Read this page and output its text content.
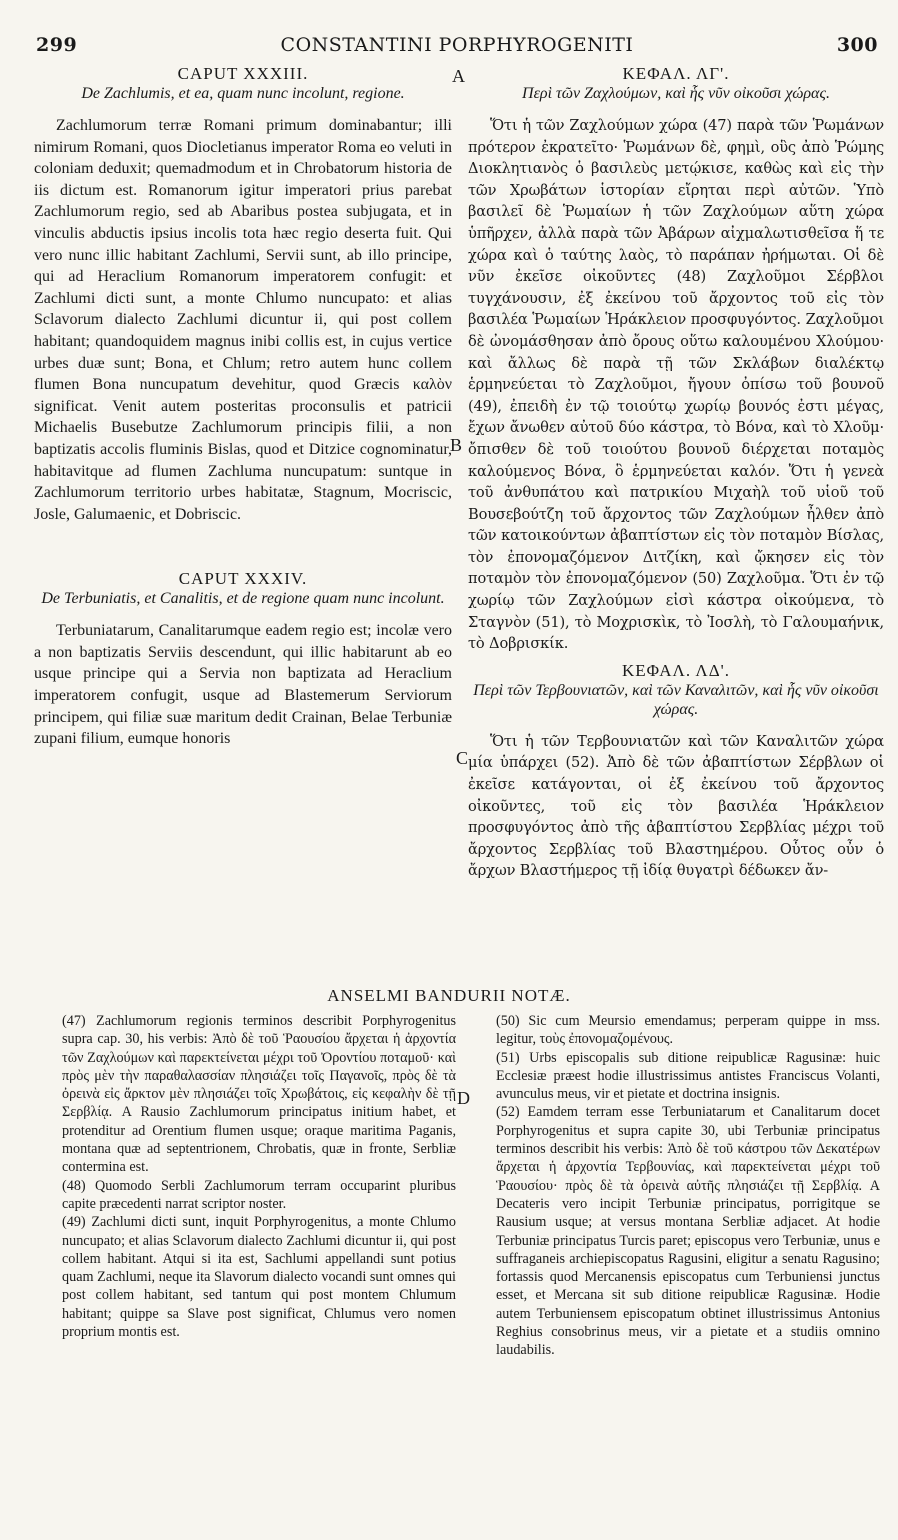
299	CONSTANTINI PORPHYROGENITI	300
A
B
C
D

CAPUT XXXIII.

De Zachlumis, et ea, quam nunc incolunt, regione.

Zachlumorum terræ Romani primum dominabantur; illi nimirum Romani, quos Diocletianus imperator Roma eo veluti in coloniam deduxit; quemadmodum et in Chrobatorum historia de iis dictum est. Romanorum igitur imperatori prius parebat Zachlumorum regio, sed ab Abaribus postea subjugata, et in vinculis abductis ipsius incolis tota hæc regio deserta fuit. Qui vero nunc illic habitant Zachlumi, Servii sunt, ab illo principe, qui ad Heraclium Romanorum imperatorem confugit: et Zachlumi dicti sunt, a monte Chlumo nuncupato: et alias Sclavorum dialecto Zachlumi dicuntur ii, qui post collem habitant; quandoquidem magnus inibi collis est, in cujus vertice urbes duæ sunt; Bona, et Chlum; retro autem hunc collem flumen Bona nuncupatum devehitur, quod Græcis καλὸν significat. Venit autem posteritas proconsulis et patricii Michaelis Busebutze Zachlumorum principis filii, a non baptizatis accolis fluminis Bislas, quod et Ditzice cognominatur, habitavitque ad flumen Zachluma nuncupatum: suntque in Zachlumorum territorio urbes habitatæ, Stagnum, Mocriscic, Josle, Galumaenic, et Dobriscic.

CAPUT XXXIV.

De Terbuniatis, et Canalitis, et de regione quam nunc incolunt.

Terbuniatarum, Canalitarumque eadem regio est; incolæ vero a non baptizatis Serviis descendunt, qui illic habitarunt ab eo usque principe qui a Servia non baptizata ad Heraclium imperatorem confugit, usque ad Blastemerum Serviorum principem, qui filiæ suæ maritum dedit Crainan, Belae Terbuniæ zupani filium, eumque honoris

ΚΕΦΑΛ. ΛΓ'.

Περὶ τῶν Ζαχλούμων, καὶ ἧς νῦν οἰκοῦσι χώρας.

Ὅτι ἡ τῶν Ζαχλούμων χώρα (47) παρὰ τῶν Ῥωμάνων πρότερον ἐκρατεῖτο· Ῥωμάνων δὲ, φημὶ, οὓς ἀπὸ Ῥώμης Διοκλητιανὸς ὁ βασιλεὺς μετῴκισε, καθὼς καὶ εἰς τὴν τῶν Χρωβάτων ἱστορίαν εἴρηται περὶ αὐτῶν. Ὑπὸ βασιλεῖ δὲ Ῥωμαίων ἡ τῶν Ζαχλούμων αὕτη χώρα ὑπῆρχεν, ἀλλὰ παρὰ τῶν Ἀβάρων αἰχμαλωτισθεῖσα ἥ τε χώρα καὶ ὁ ταύτης λαὸς, τὸ παράπαν ἠρήμωται. Οἱ δὲ νῦν ἐκεῖσε οἰκοῦντες (48) Ζαχλοῦμοι Σέρβλοι τυγχάνουσιν, ἐξ ἐκείνου τοῦ ἄρχοντος τοῦ εἰς τὸν βασιλέα Ῥωμαίων Ἡράκλειον προσφυγόντος. Ζαχλοῦμοι δὲ ὠνομάσθησαν ἀπὸ ὄρους οὕτω καλουμένου Χλούμου· καὶ ἄλλως δὲ παρὰ τῇ τῶν Σκλάβων διαλέκτῳ ἑρμηνεύεται τὸ Ζαχλοῦμοι, ἤγουν ὀπίσω τοῦ βουνοῦ (49), ἐπειδὴ ἐν τῷ τοιούτῳ χωρίῳ βουνός ἐστι μέγας, ἔχων ἄνωθεν αὐτοῦ δύο κάστρα, τὸ Βόνα, καὶ τὸ Χλοῦμ· ὄπισθεν δὲ τοῦ τοιούτου βουνοῦ διέρχεται ποταμὸς καλούμενος Βόνα, ὃ ἑρμηνεύεται καλόν. Ὅτι ἡ γενεὰ τοῦ ἀνθυπάτου καὶ πατρικίου Μιχαὴλ τοῦ υἱοῦ τοῦ Βουσεβούτζη τοῦ ἄρχοντος τῶν Ζαχλούμων ἦλθεν ἀπὸ τῶν κατοικούντων ἀβαπτίστων εἰς τὸν ποταμὸν Βίσλας, τὸν ἐπονομαζόμενον Διτζίκη, καὶ ᾤκησεν εἰς τὸν ποταμὸν τὸν ἐπονομαζόμενον (50) Ζαχλοῦμα. Ὅτι ἐν τῷ χωρίῳ τῶν Ζαχλούμων εἰσὶ κάστρα οἰκούμενα, τὸ Σταγνὸν (51), τὸ Μοχρισκὶκ, τὸ Ἰοσλὴ, τὸ Γαλουμαήνικ, τὸ Δοβρισκίκ.

ΚΕΦΑΛ. ΛΔ'.

Περὶ τῶν Τερβουνιατῶν, καὶ τῶν Καναλιτῶν, καὶ ἧς νῦν οἰκοῦσι χώρας.

Ὅτι ἡ τῶν Τερβουνιατῶν καὶ τῶν Καναλιτῶν χώρα μία ὑπάρχει (52). Ἀπὸ δὲ τῶν ἀβαπτίστων Σέρβλων οἱ ἐκεῖσε κατάγονται, οἱ ἐξ ἐκείνου τοῦ ἄρχοντος οἰκοῦντες, τοῦ εἰς τὸν βασιλέα Ἡράκλειον προσφυγόντος ἀπὸ τῆς ἀβαπτίστου Σερβλίας μέχρι τοῦ ἄρχοντος Σερβλίας τοῦ Βλαστημέρου. Οὗτος οὖν ὁ ἄρχων Βλαστήμερος τῇ ἰδίᾳ θυγατρὶ δέδωκεν ἄν-

ANSELMI BANDURII NOTÆ.

(47) Zachlumorum regionis terminos describit Porphyrogenitus supra cap. 30, his verbis: Ἀπὸ δὲ τοῦ Ῥαουσίου ἄρχεται ἡ ἀρχοντία τῶν Ζαχλούμων καὶ παρεκτείνεται μέχρι τοῦ Ὀροντίου ποταμοῦ· καὶ πρὸς μὲν τὴν παραθαλασσίαν πλησιάζει τοῖς Παγανοῖς, πρὸς δὲ τὰ ὀρεινὰ εἰς ἄρκτον μὲν πλησιάζει τοῖς Χρωβάτοις, εἰς κεφαλὴν δὲ τῇ Σερβλίᾳ. A Rausio Zachlumorum principatus initium habet, et protenditur ad Orentium flumen usque; oraque maritima Paganis, montana quæ ad septentrionem, Chrobatis, quæ in fronte, Serbliæ contermina est.

(48) Quomodo Serbli Zachlumorum terram occuparint pluribus capite præcedenti narrat scriptor noster.

(49) Zachlumi dicti sunt, inquit Porphyrogenitus, a monte Chlumo nuncupato; et alias Sclavorum dialecto Zachlumi dicuntur ii, qui post collem habitant. Atqui si ita est, Sachlumi appellandi sunt potius quam Zachlumi, neque ita Slavorum dialecto vocandi sunt omnes qui post collem habitant, sed tantum qui post montem Chlumum habitant; quippe sa Slave post significat, Chlumus vero nomen proprium montis est.

(50) Sic cum Meursio emendamus; perperam quippe in mss. legitur, τοὺς ἐπονομαζομένους.

(51) Urbs episcopalis sub ditione reipublicæ Ragusinæ: huic Ecclesiæ præest hodie illustrissimus antistes Franciscus Volanti, avunculus meus, vir et pietate et doctrina insignis.

(52) Eamdem terram esse Terbuniatarum et Canalitarum docet Porphyrogenitus et supra capite 30, ubi Terbuniæ principatus terminos describit his verbis: Ἀπὸ δὲ τοῦ κάστρου τῶν Δεκατέρων ἄρχεται ἡ ἀρχοντία Τερβουνίας, καὶ παρεκτείνεται μέχρι τοῦ Ῥαουσίου· πρὸς δὲ τὰ ὀρεινὰ αὐτῆς πλησιάζει τῇ Σερβλίᾳ. A Decateris vero incipit Terbuniæ principatus, porrigitque se Rausium usque; at versus montana Serbliæ adjacet. At hodie Terbuniæ principatus Turcis paret; episcopus vero Terbuniæ, unus e suffraganeis archiepiscopatus Ragusini, eligitur a senatu Ragusino; fortassis quod Mercanensis episcopatus cum Terbuniensi junctus esset, et Mercana sit sub ditione reipublicæ Ragusinæ. Hodie autem Terbuniensem episcopatum obtinet illustrissimus Antonius Reghius consobrinus meus, vir a pietate et a studiis omnino laudabilis.
